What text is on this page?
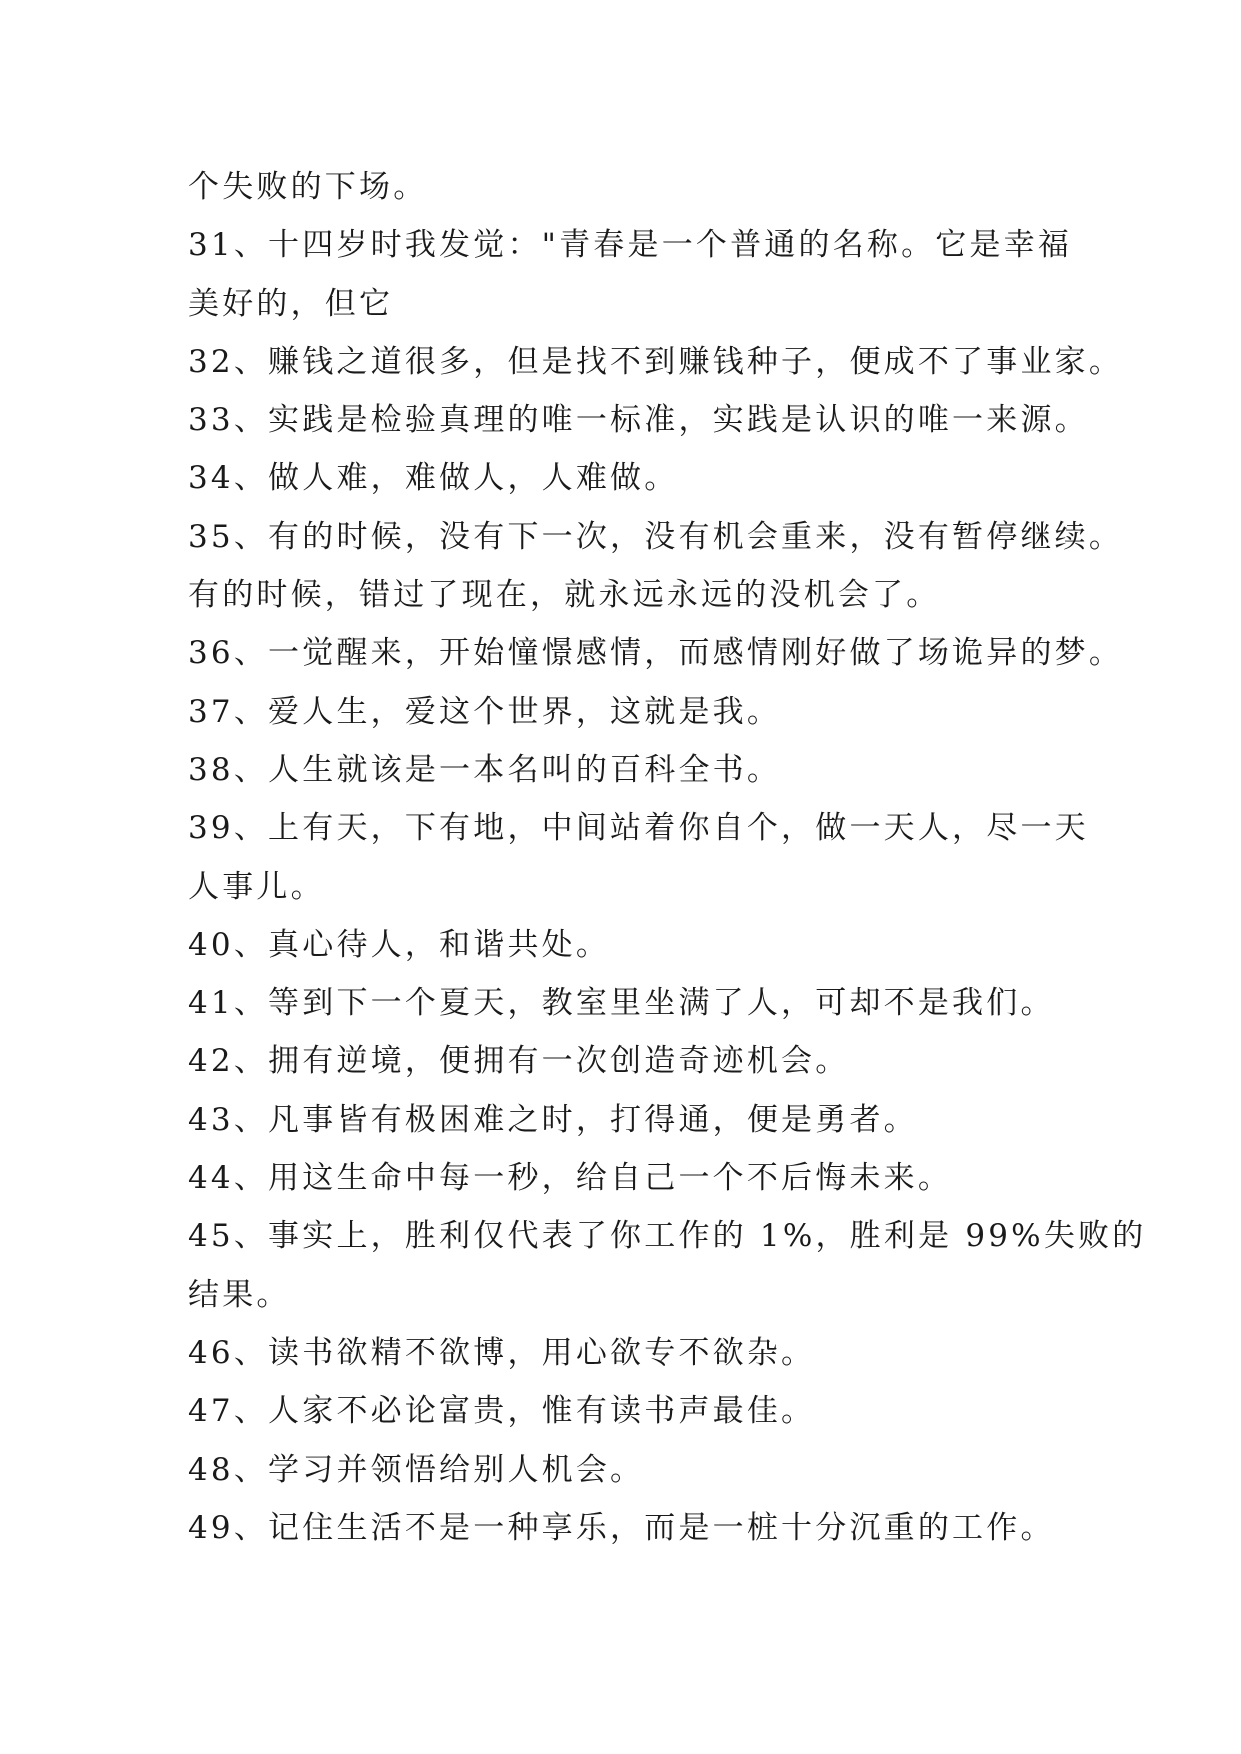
个失败的下场。
31、十四岁时我发觉："青春是一个普通的名称。它是幸福
美好的，但它
32、赚钱之道很多，但是找不到赚钱种子，便成不了事业家。
33、实践是检验真理的唯一标准，实践是认识的唯一来源。
34、做人难，难做人，人难做。
35、有的时候，没有下一次，没有机会重来，没有暂停继续。
有的时候，错过了现在，就永远永远的没机会了。
36、一觉醒来，开始憧憬感情，而感情刚好做了场诡异的梦。
37、爱人生，爱这个世界，这就是我。
38、人生就该是一本名叫的百科全书。
39、上有天，下有地，中间站着你自个，做一天人，尽一天
人事儿。
40、真心待人，和谐共处。
41、等到下一个夏天，教室里坐满了人，可却不是我们。
42、拥有逆境，便拥有一次创造奇迹机会。
43、凡事皆有极困难之时，打得通，便是勇者。
44、用这生命中每一秒，给自己一个不后悔未来。
45、事实上，胜利仅代表了你工作的 1%，胜利是 99%失败的
结果。
46、读书欲精不欲博，用心欲专不欲杂。
47、人家不必论富贵，惟有读书声最佳。
48、学习并领悟给别人机会。
49、记住生活不是一种享乐，而是一桩十分沉重的工作。
